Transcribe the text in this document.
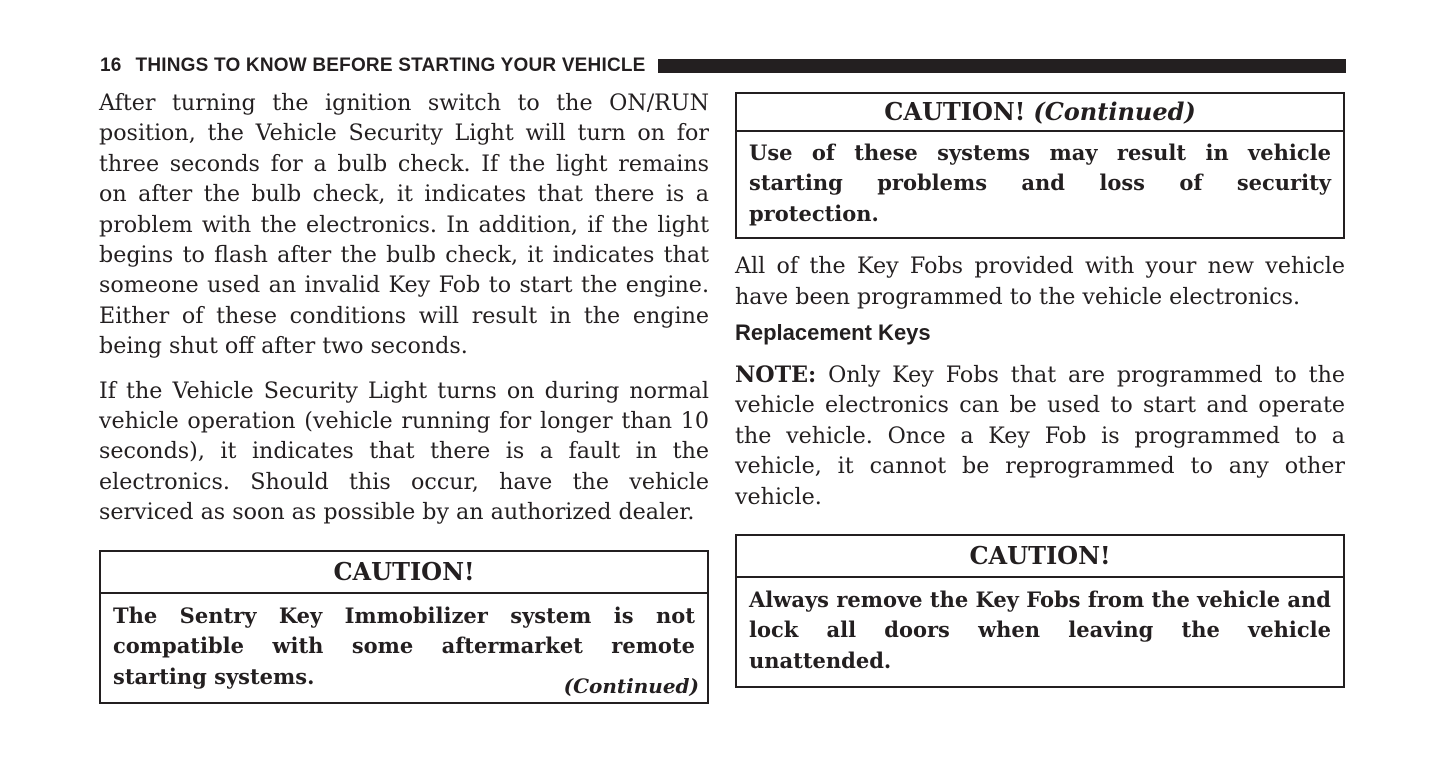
16 THINGS TO KNOW BEFORE STARTING YOUR VEHICLE

After turning the ignition switch to the ON/RUN position, the Vehicle Security Light will turn on for three seconds for a bulb check. If the light remains on after the bulb check, it indicates that there is a problem with the electronics. In addition, if the light begins to flash after the bulb check, it indicates that someone used an invalid Key Fob to start the engine. Either of these conditions will result in the engine being shut off after two seconds.

If the Vehicle Security Light turns on during normal vehicle operation (vehicle running for longer than 10 seconds), it indicates that there is a fault in the electronics. Should this occur, have the vehicle serviced as soon as possible by an authorized dealer.

CAUTION!
The Sentry Key Immobilizer system is not compatible with some aftermarket remote starting systems.	(Continued)
CAUTION! (Continued)
Use of these systems may result in vehicle starting problems and loss of security protection.

All of the Key Fobs provided with your new vehicle have been programmed to the vehicle electronics.

Replacement Keys

NOTE: Only Key Fobs that are programmed to the vehicle electronics can be used to start and operate the vehicle. Once a Key Fob is programmed to a vehicle, it cannot be reprogrammed to any other vehicle.

CAUTION!
Always remove the Key Fobs from the vehicle and lock all doors when leaving the vehicle unattended.
